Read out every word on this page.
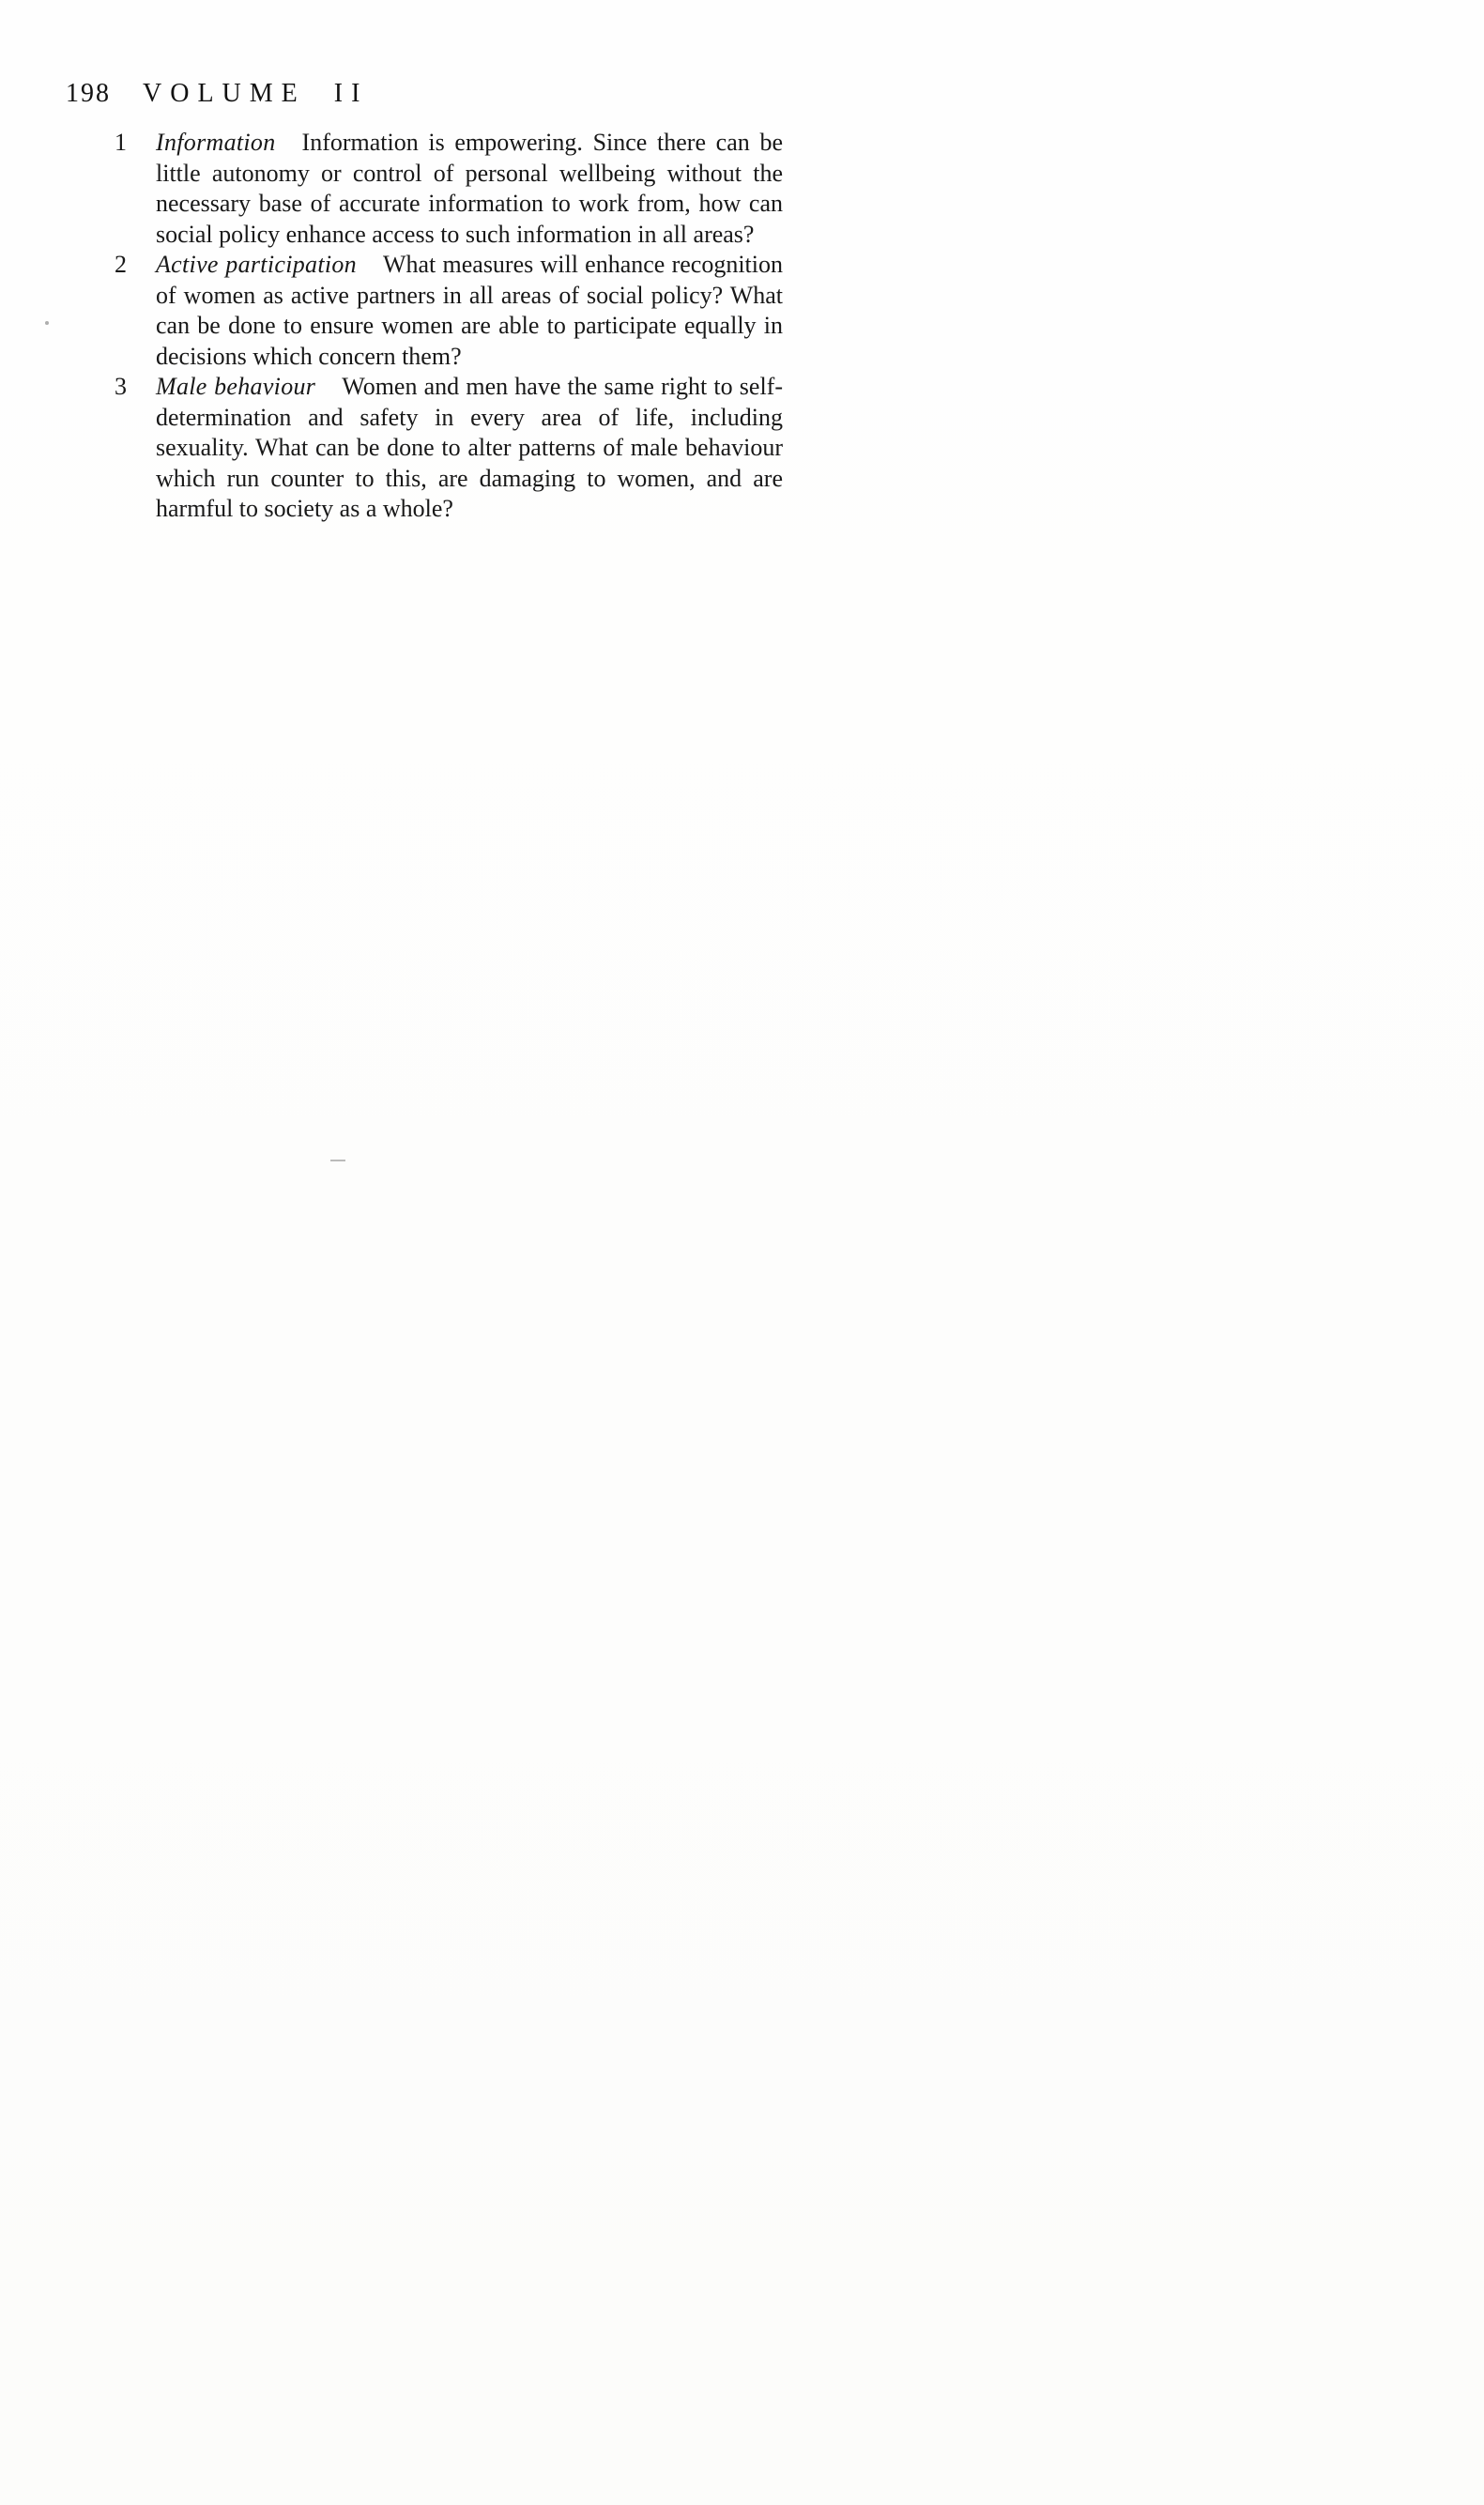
198 VOLUME II
1	Information Information is empowering. Since there can be little autonomy or control of personal wellbeing without the necessary base of accurate information to work from, how can social policy enhance access to such information in all areas?

2	Active participation What measures will enhance recognition of women as active partners in all areas of social policy? What can be done to ensure women are able to participate equally in decisions which concern them?

3	Male behaviour Women and men have the same right to self-determination and safety in every area of life, including sexuality. What can be done to alter patterns of male behaviour which run counter to this, are damaging to women, and are harmful to society as a whole?
